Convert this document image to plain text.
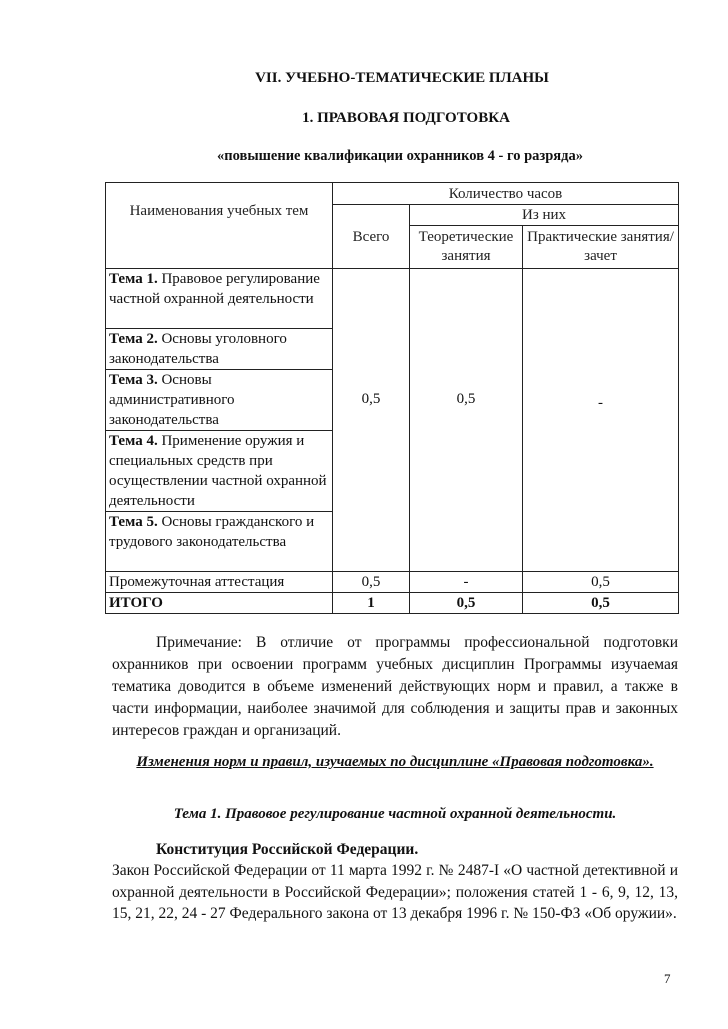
VII. УЧЕБНО-ТЕМАТИЧЕСКИЕ ПЛАНЫ
1. ПРАВОВАЯ ПОДГОТОВКА
«повышение квалификации охранников 4 - го разряда»
Наименования учебных тем	Количество часов		
	Всего	Из них	
		Теоретические занятия	Практические занятия/зачет
Тема 1. Правовое регулирование частной охранной деятельности	0,5	0,5	-
Тема 2. Основы уголовного законодательства			
Тема 3. Основы административного законодательства			
Тема 4. Применение оружия и специальных средств при осуществлении частной охранной деятельности			
Тема 5. Основы гражданского и трудового законодательства			
Промежуточная аттестация	0,5	-	0,5
ИТОГО	1	0,5	0,5
Примечание: В отличие от программы профессиональной подготовки охранников при освоении программ учебных дисциплин Программы изучаемая тематика доводится в объеме изменений действующих норм и правил, а также в части информации, наиболее значимой для соблюдения и защиты прав и законных интересов граждан и организаций.
Изменения норм и правил, изучаемых по дисциплине «Правовая подготовка».
Тема 1. Правовое регулирование частной охранной деятельности.
Конституция Российской Федерации.
Закон Российской Федерации от 11 марта 1992 г. № 2487-I «О частной детективной и охранной деятельности в Российской Федерации»; положения статей 1 - 6, 9, 12, 13, 15, 21, 22, 24 - 27 Федерального закона от 13 декабря 1996 г. № 150-ФЗ «Об оружии».
7
